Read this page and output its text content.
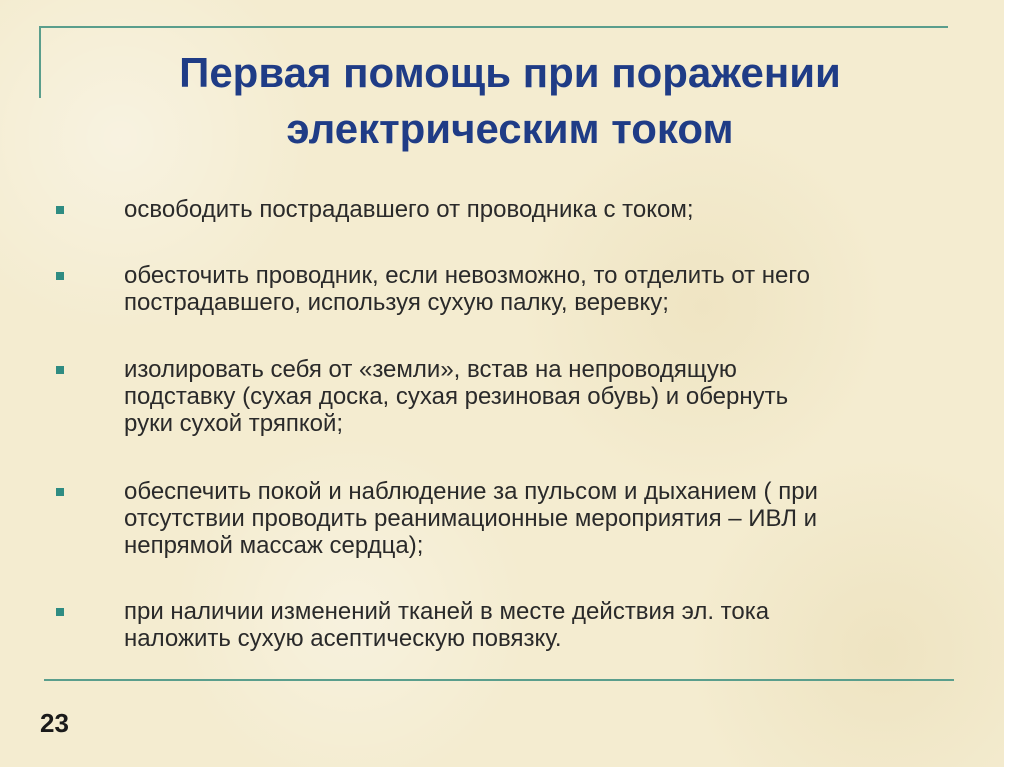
Первая помощь при поражении
электрическим током
освободить пострадавшего от проводника с током;
обесточить проводник, если невозможно, то отделить от него
пострадавшего, используя сухую палку, веревку;
изолировать себя от «земли», встав на непроводящую
подставку (сухая доска, сухая резиновая обувь) и обернуть
руки сухой тряпкой;
обеспечить покой и наблюдение за пульсом и дыханием ( при
отсутствии проводить реанимационные мероприятия – ИВЛ и
непрямой массаж сердца);
при наличии изменений тканей в месте действия эл. тока
наложить сухую асептическую повязку.
23
